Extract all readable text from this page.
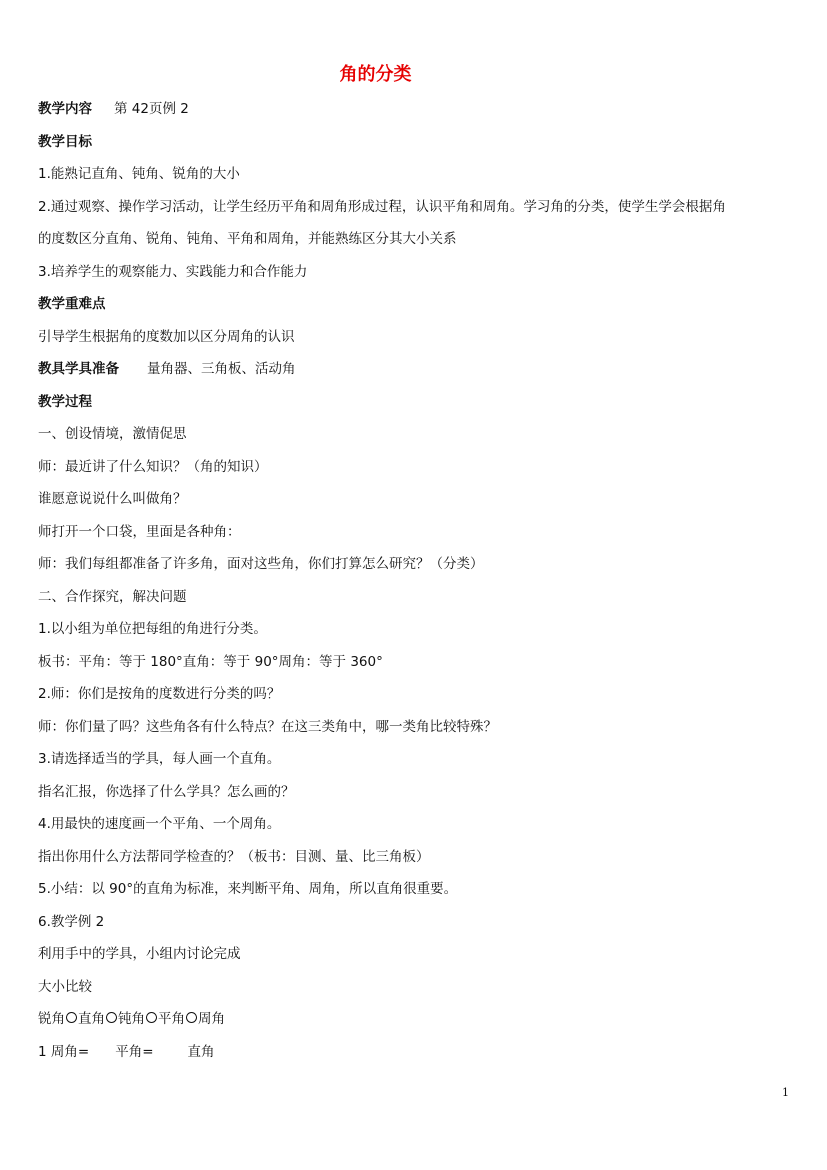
角的分类
教学内容 第 42页例 2
教学目标
1.能熟记直角、钝角、锐角的大小
2.通过观察、操作学习活动，让学生经历平角和周角形成过程，认识平角和周角。学习角的分类，使学生学会根据角
的度数区分直角、锐角、钝角、平角和周角，并能熟练区分其大小关系
3.培养学生的观察能力、实践能力和合作能力
教学重难点
引导学生根据角的度数加以区分周角的认识
教具学具准备 量角器、三角板、活动角
教学过程
一、创设情境，激情促思
师：最近讲了什么知识？（角的知识）
谁愿意说说什么叫做角？
师打开一个口袋，里面是各种角：
师：我们每组都准备了许多角，面对这些角，你们打算怎么研究？（分类）
二、合作探究，解决问题
1.以小组为单位把每组的角进行分类。
板书：平角：等于 180°直角：等于 90°周角：等于 360°
2.师：你们是按角的度数进行分类的吗？
师：你们量了吗？这些角各有什么特点？在这三类角中，哪一类角比较特殊？
3.请选择适当的学具，每人画一个直角。
指名汇报，你选择了什么学具？怎么画的？
4.用最快的速度画一个平角、一个周角。
指出你用什么方法帮同学检查的？（板书：目测、量、比三角板）
5.小结：以 90°的直角为标准，来判断平角、周角，所以直角很重要。
6.教学例 2
利用手中的学具，小组内讨论完成
大小比较
锐角 直角 钝角 平角 周角
1 周角= 平角=	直角
1
